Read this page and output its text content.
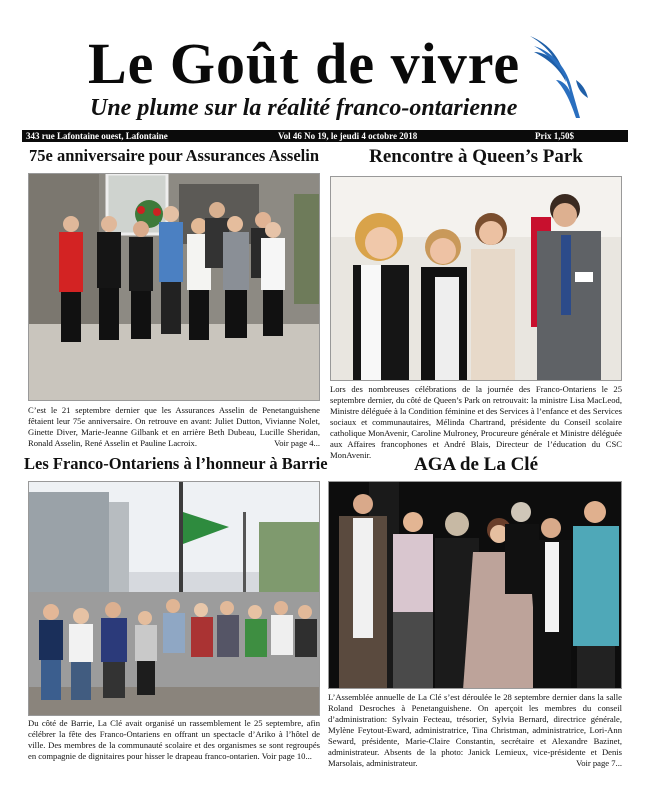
Le Goût de vivre
Une plume sur la réalité franco-ontarienne
343 rue Lafontaine ouest, Lafontaine	Vol 46 No 19, le jeudi 4 octobre 2018	Prix 1,50$
75e anniversaire pour Assurances Asselin
C’est le 21 septembre dernier que les Assurances Asselin de Penetanguishene fêtaient leur 75e anniversaire. On retrouve en avant: Juliet Dutton, Vivianne Nolet, Ginette Diver, Marie-Jeanne Gilbank et en arrière Beth Dubeau, Lucille Sheridan, Ronald Asselin, René Asselin et Pauline Lacroix.	Voir page 4...
Rencontre à Queen’s Park
Lors des nombreuses célébrations de la journée des Franco-Ontariens le 25 septembre dernier, du côté de Queen’s Park on retrouvait: la ministre Lisa MacLeod, Ministre déléguée à la Condition féminine et des Services à l’enfance et des Services sociaux et communautaires, Mélinda Chartrand, présidente du Conseil scolaire catholique MonAvenir, Caroline Mulroney, Procureure générale et Ministre déléguée aux Affaires francophones et André Blais, Directeur de l’éducation du CSC MonAvenir.
Les Franco-Ontariens à l’honneur à Barrie
Du côté de Barrie, La Clé avait organisé un rassemblement le 25 septembre, afin célébrer la fête des Franco-Ontariens en offrant un spectacle d’Ariko à l’hôtel de ville. Des membres de la communauté scolaire et des organismes se sont regroupés en compagnie de dignitaires pour hisser le drapeau franco-ontarien. Voir page 10...
AGA de La Clé
L’Assemblée annuelle de La Clé s’est déroulée le 28 septembre dernier dans la salle Roland Desroches à Penetanguishene. On aperçoit les membres du conseil d’administration: Sylvain Fecteau, trésorier, Sylvia Bernard, directrice générale, Mylène Feytout-Eward, administratrice, Tina Christman, administratrice, Lori-Ann Seward, présidente, Marie-Claire Constantin, secrétaire et Alexandre Bazinet, administrateur. Absents de la photo: Janick Lemieux, vice-présidente et Denis Marsolais, administrateur.	Voir page 7...
